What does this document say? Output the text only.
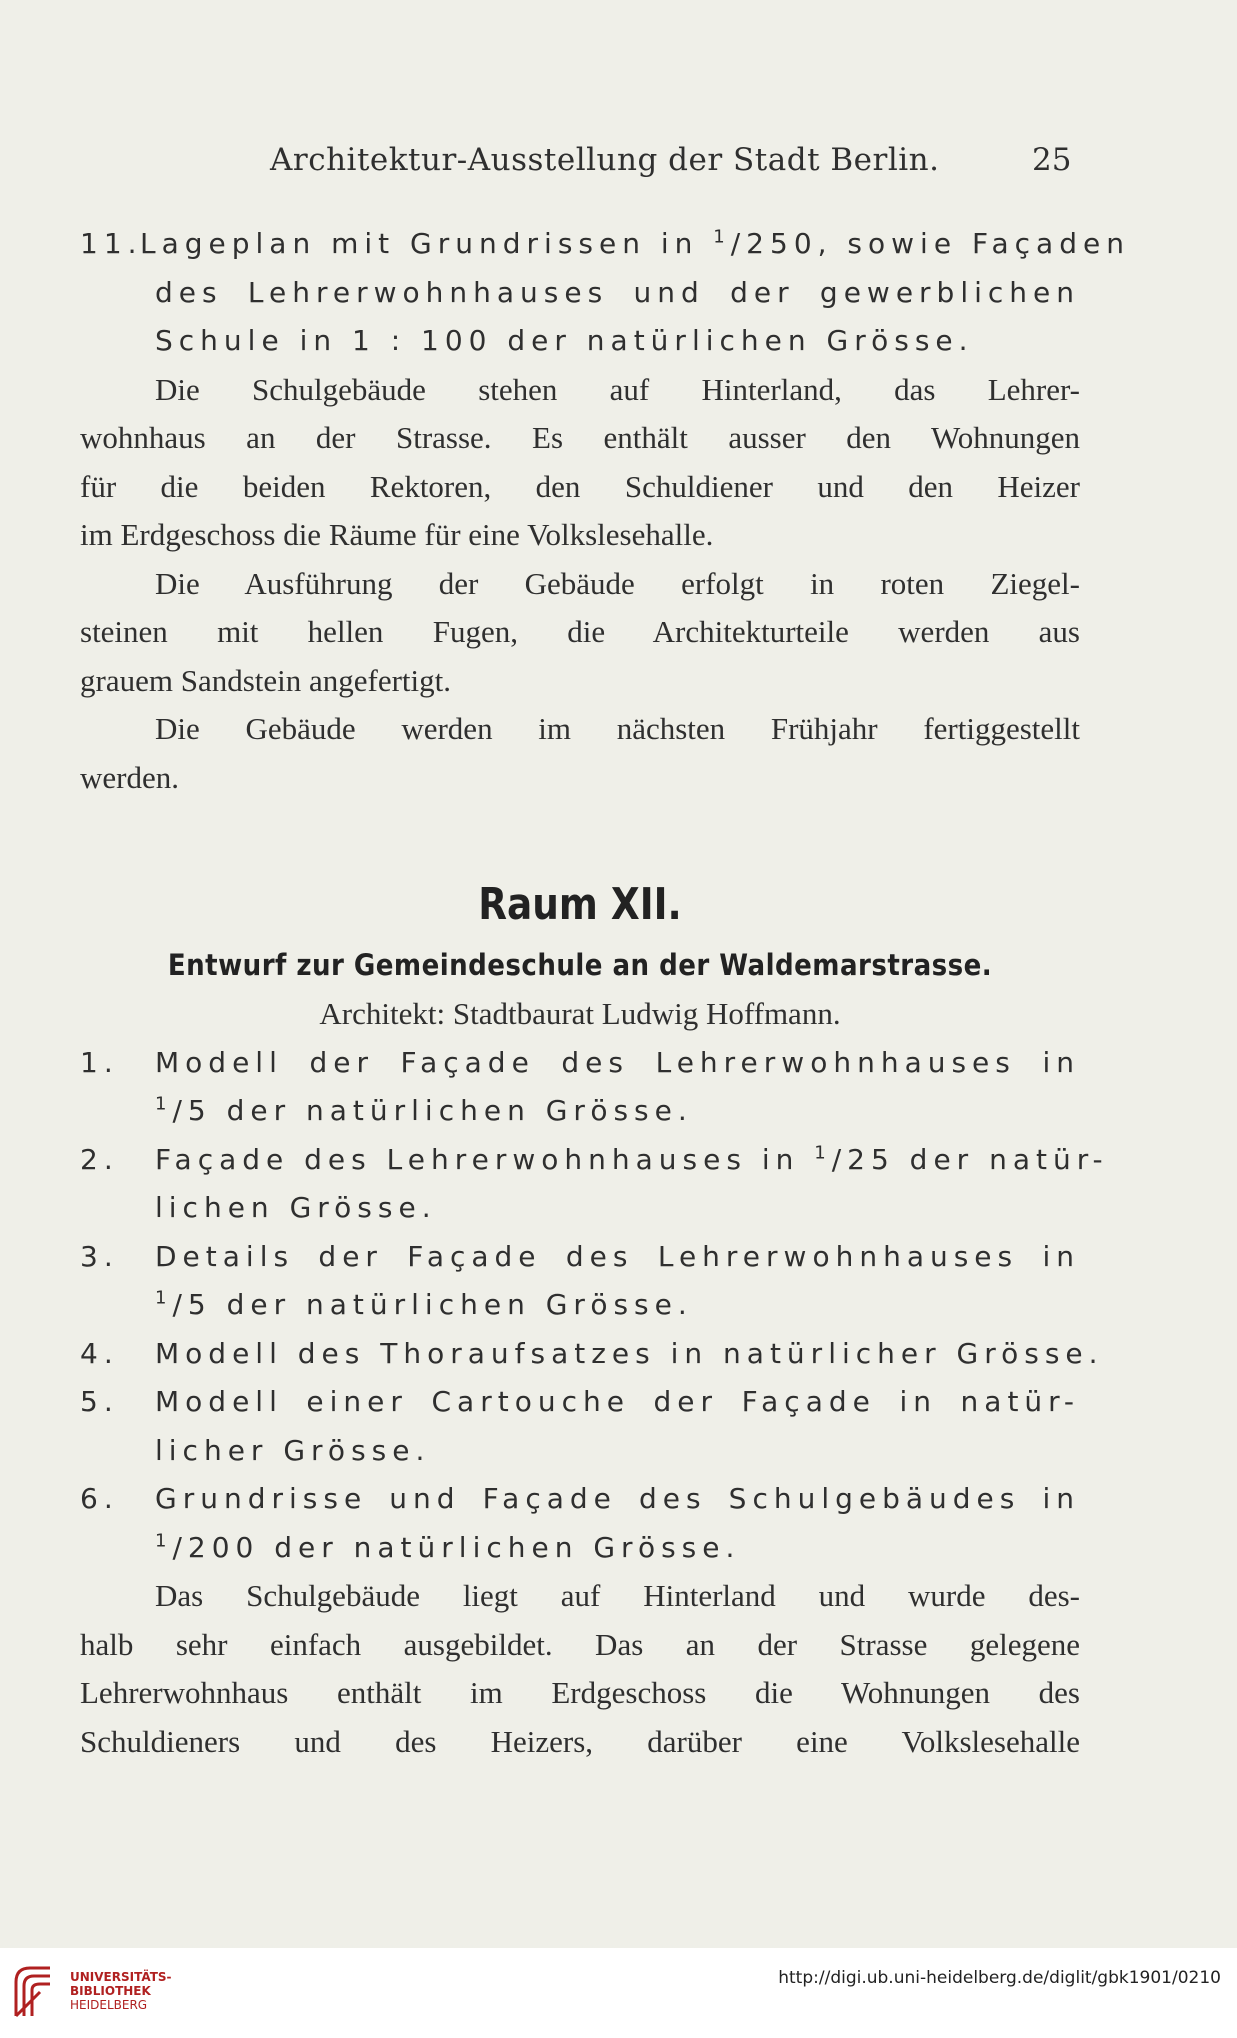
Architektur-Ausstellung der Stadt Berlin.	25
11.Lageplan mit Grundrissen in $^1$/250, sowie Façaden
des Lehrerwohnhauses und der gewerblichen
Schule in 1 : 100 der natürlichen Grösse.
Die Schulgebäude stehen auf Hinterland, das Lehrer-
wohnhaus an der Strasse. Es enthält ausser den Wohnungen
für die beiden Rektoren, den Schuldiener und den Heizer
im Erdgeschoss die Räume für eine Volkslesehalle.
Die Ausführung der Gebäude erfolgt in roten Ziegel-
steinen mit hellen Fugen, die Architekturteile werden aus
grauem Sandstein angefertigt.
Die Gebäude werden im nächsten Frühjahr fertiggestellt
werden.
Raum XII.
Entwurf zur Gemeindeschule an der Waldemarstrasse.
Architekt: Stadtbaurat Ludwig Hoffmann.
1. Modell der Façade des Lehrerwohnhauses in
$^1$/5 der natürlichen Grösse.
2. Façade des Lehrerwohnhauses in $^1$/25 der natür-
lichen Grösse.
3. Details der Façade des Lehrerwohnhauses in
$^1$/5 der natürlichen Grösse.
4. Modell des Thoraufsatzes in natürlicher Grösse.
5. Modell einer Cartouche der Façade in natür-
licher Grösse.
6. Grundrisse und Façade des Schulgebäudes in
$^1$/200 der natürlichen Grösse.
Das Schulgebäude liegt auf Hinterland und wurde des-
halb sehr einfach ausgebildet. Das an der Strasse gelegene
Lehrerwohnhaus enthält im Erdgeschoss die Wohnungen des
Schuldieners und des Heizers, darüber eine Volkslesehalle
UNIVERSITÄTS-
BIBLIOTHEK
HEIDELBERG
http://digi.ub.uni-heidelberg.de/diglit/gbk1901/0210
